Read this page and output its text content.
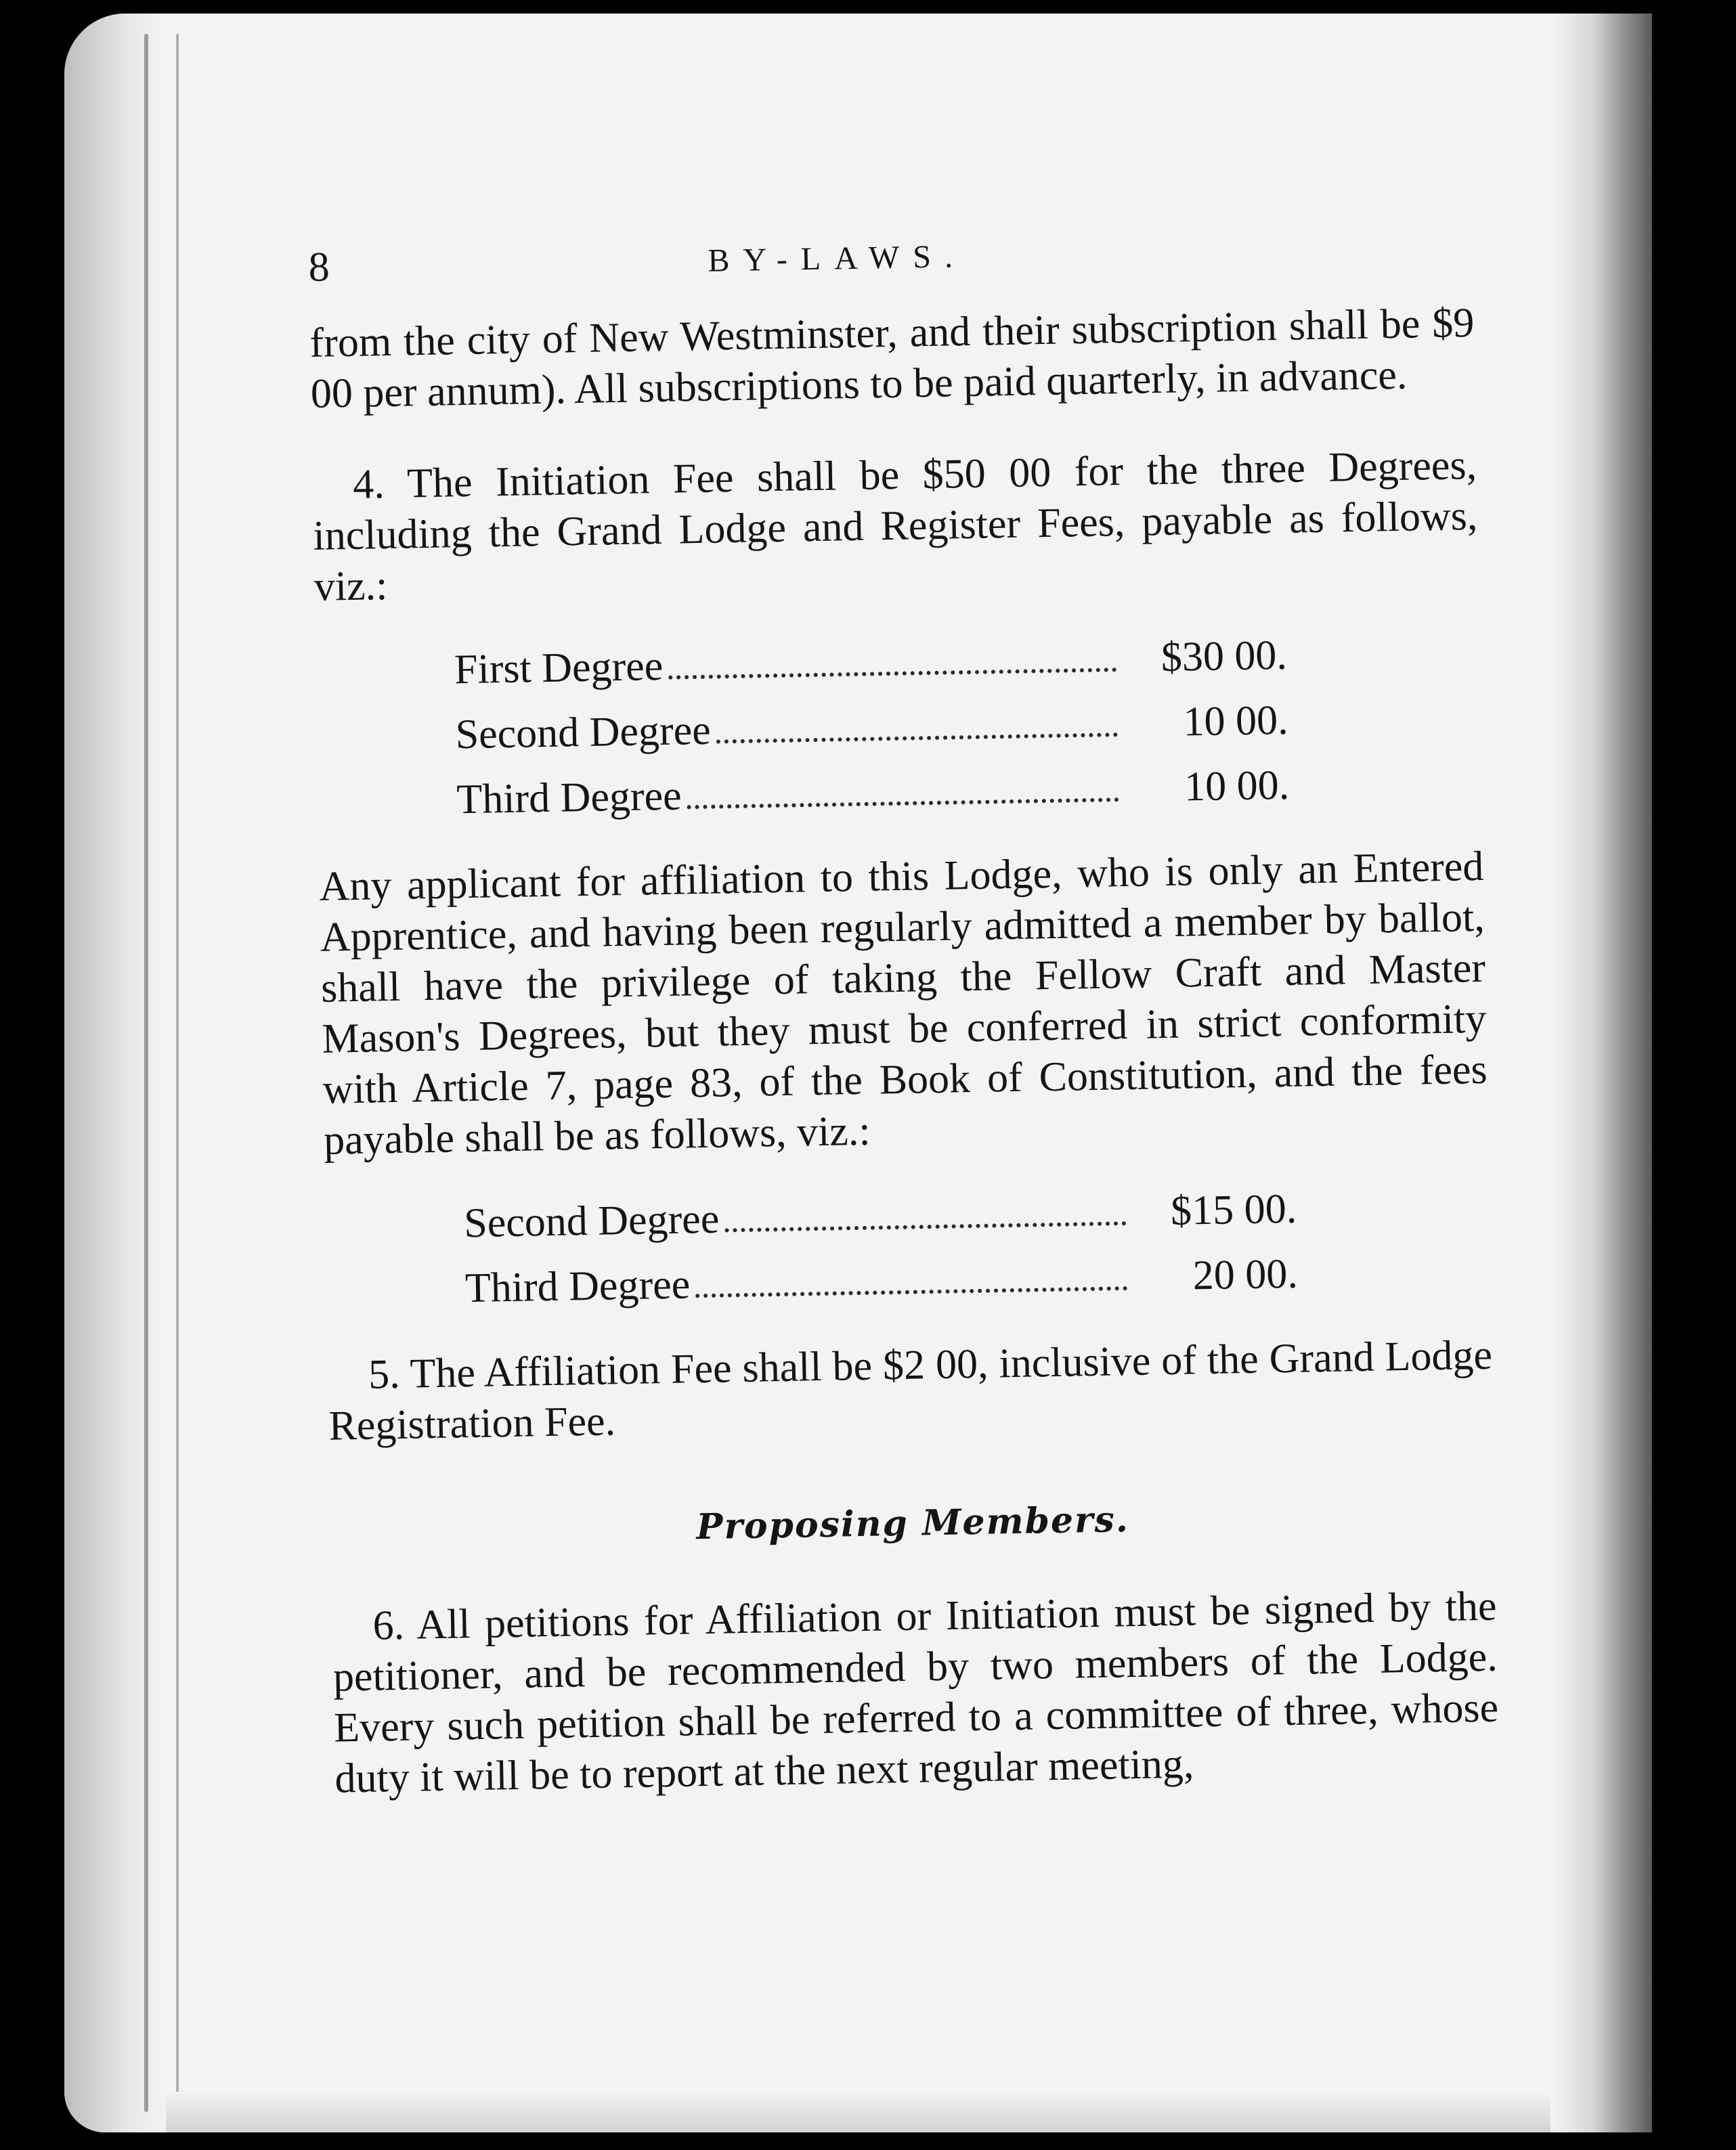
8	BY-LAWS.

from the city of New Westminster, and their subscription shall be $9 00 per annum). All subscriptions to be paid quarterly, in advance.

4. The Initiation Fee shall be $50 00 for the three Degrees, including the Grand Lodge and Register Fees, payable as follows, viz.:

First Degree	$30 00.
Second Degree	10 00.
Third Degree	10 00.

Any applicant for affiliation to this Lodge, who is only an Entered Apprentice, and having been regularly admitted a member by ballot, shall have the privilege of taking the Fellow Craft and Master Mason's Degrees, but they must be conferred in strict conformity with Article 7, page 83, of the Book of Constitution, and the fees payable shall be as follows, viz.:

Second Degree	$15 00.
Third Degree	20 00.

5. The Affiliation Fee shall be $2 00, inclusive of the Grand Lodge Registration Fee.

Proposing Members.

6. All petitions for Affiliation or Initiation must be signed by the petitioner, and be recommended by two members of the Lodge. Every such petition shall be referred to a committee of three, whose duty it will be to report at the next regular meeting,
